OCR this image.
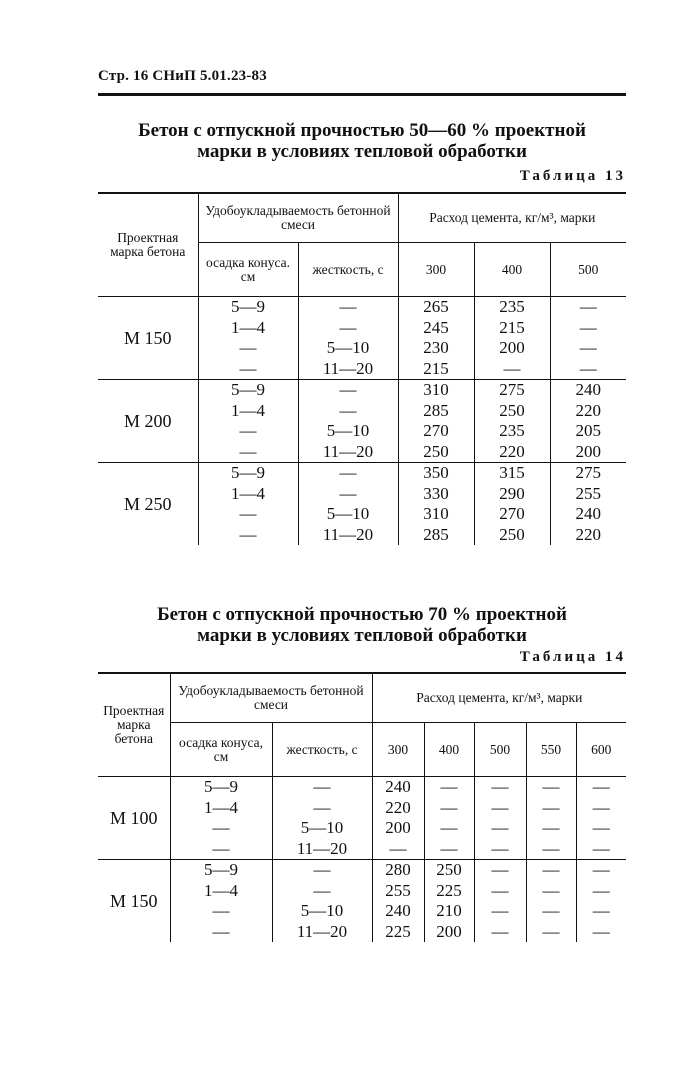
Стр. 16 СНиП 5.01.23-83
Бетон с отпускной прочностью 50—60 % проектной
марки в условиях тепловой обработки
Таблица 13
Проектная марка бетона	Удобоукладываемость бетонной смеси		Расход цемента, кг/м³, марки		
	осадка конуса. см	жесткость, с	300	400	500
М 150	5—9	—	265	235	—
	1—4	—	245	215	—
	—	5—10	230	200	—
	—	11—20	215	—	—
М 200	5—9	—	310	275	240
	1—4	—	285	250	220
	—	5—10	270	235	205
	—	11—20	250	220	200
М 250	5—9	—	350	315	275
	1—4	—	330	290	255
	—	5—10	310	270	240
	—	11—20	285	250	220
Бетон с отпускной прочностью 70 % проектной
марки в условиях тепловой обработки
Таблица 14
Проектная марка бетона	Удобоукладываемость бетонной смеси		Расход цемента, кг/м³, марки				
	осадка конуса, см	жесткость, с	300	400	500	550	600
М 100	5—9	—	240	—	—	—	—
	1—4	—	220	—	—	—	—
	—	5—10	200	—	—	—	—
	—	11—20	—	—	—	—	—
М 150	5—9	—	280	250	—	—	—
	1—4	—	255	225	—	—	—
	—	5—10	240	210	—	—	—
	—	11—20	225	200	—	—	—
